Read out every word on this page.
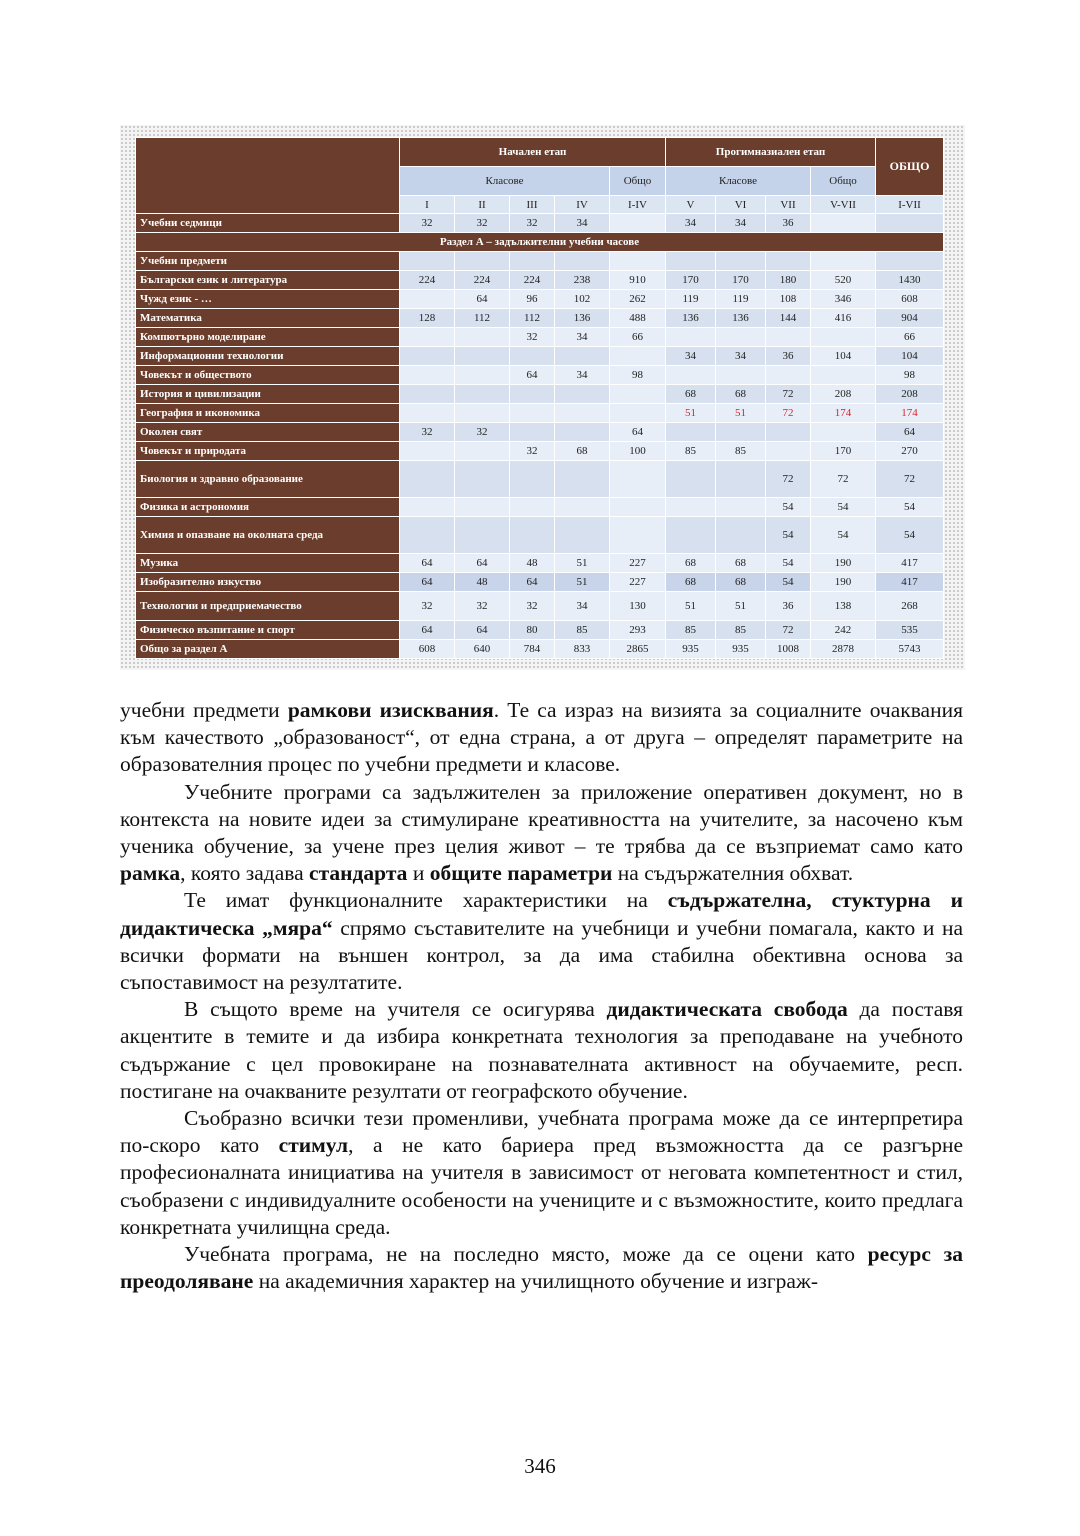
	Начален етап					Прогимназиален етап				ОБЩО
	Класове				Общо	Класове			Общо	
	I	II	III	IV	I-IV	V	VI	VII	V-VII	I-VII
Учебни седмици	32	32	32	34		34	34	36		
Раздел А – задължителни учебни часове										
Учебни предмети										
Български език и литература	224	224	224	238	910	170	170	180	520	1430
Чужд език - …		64	96	102	262	119	119	108	346	608
Математика	128	112	112	136	488	136	136	144	416	904
Компютърно моделиране			32	34	66					66
Информационни технологии						34	34	36	104	104
Човекът и обществото			64	34	98					98
История и цивилизации						68	68	72	208	208
География и икономика						51	51	72	174	174
Околен свят	32	32			64					64
Човекът и природата			32	68	100	85	85		170	270
Биология и здравно образование								72	72	72
Физика и астрономия								54	54	54
Химия и опазване на околната среда								54	54	54
Музика	64	64	48	51	227	68	68	54	190	417
Изобразително изкуство	64	48	64	51	227	68	68	54	190	417
Технологии и предприемачество	32	32	32	34	130	51	51	36	138	268
Физическо възпитание и спорт	64	64	80	85	293	85	85	72	242	535
Общо за раздел А	608	640	784	833	2865	935	935	1008	2878	5743

учебни предмети рамкови изисквания. Те са израз на визията за социалните очаквания към качеството „образованост“, от една страна, а от друга – определят параметрите на образователния процес по учебни предмети и класове.

Учебните програми са задължителен за приложение оперативен документ, но в контекста на новите идеи за стимулиране креативността на учителите, за насочено към ученика обучение, за учене през целия живот – те трябва да се възприемат само като рамка, която задава стандарта и общите параметри на съдържателния обхват.

Те имат функционалните характеристики на съдържателна, стуктурна и дидактическа „мяра“ спрямо съставителите на учебници и учебни помагала, както и на всички формати на външен контрол, за да има стабилна обективна основа за съпоставимост на резултатите.

В същото време на учителя се осигурява дидактическата свобода да поставя акцентите в темите и да избира конкретната технология за преподаване на учебното съдържание с цел провокиране на познавателната активност на обучаемите, респ. постигане на очакваните резултати от географското обучение.

Съобразно всички тези променливи, учебната програма може да се интерпретира по-скоро като стимул, а не като бариера пред възможността да се разгърне професионалната инициатива на учителя в зависимост от неговата компетентност и стил, съобразени с индивидуалните особености на учениците и с възможностите, които предлага конкретната училищна среда.

Учебната програма, не на последно място, може да се оцени като ресурс за преодоляване на академичния характер на училищното обучение и изграж-

346
